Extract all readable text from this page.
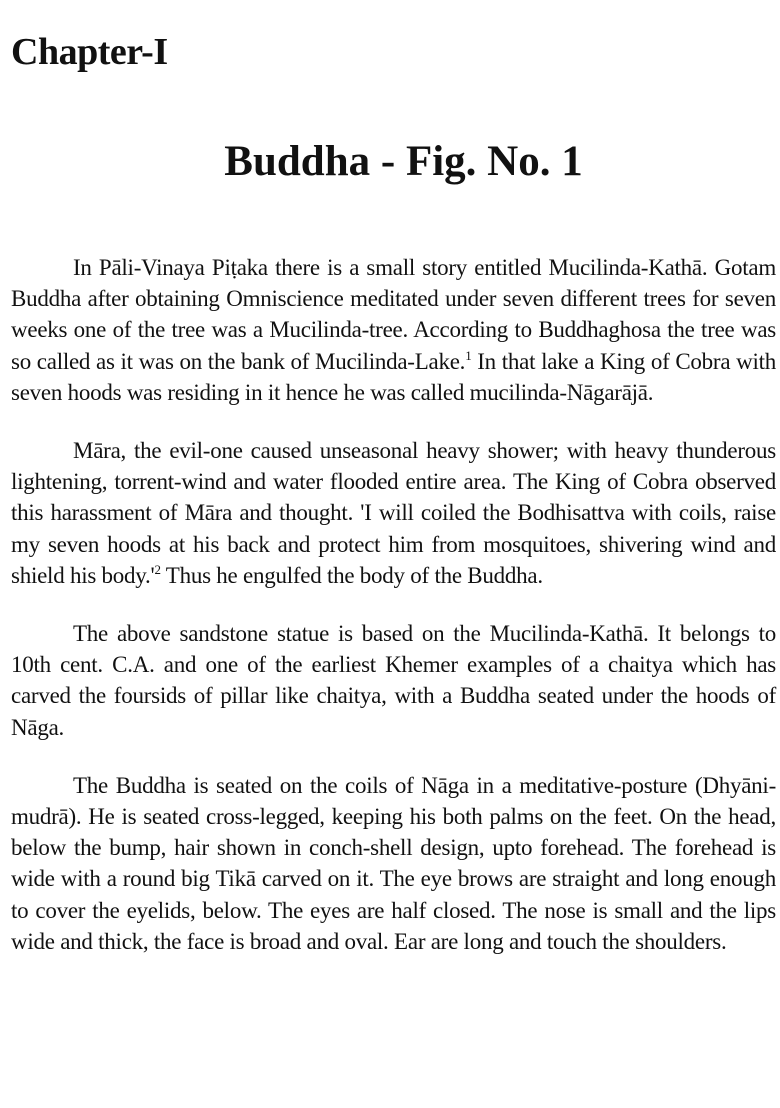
Chapter-I
Buddha - Fig. No. 1

In Pāli-Vinaya Piṭaka there is a small story entitled Mucilinda-Kathā. Gotam Buddha after obtaining Omniscience meditated under seven different trees for seven weeks one of the tree was a Mucilinda-tree. According to Buddhaghosa the tree was so called as it was on the bank of Mucilinda-Lake.$^1$ In that lake a King of Cobra with seven hoods was residing in it hence he was called mucilinda-Nāgarājā.

Māra, the evil-one caused unseasonal heavy shower; with heavy thunderous lightening, torrent-wind and water flooded entire area. The King of Cobra observed this harassment of Māra and thought. 'I will coiled the Bodhisattva with coils, raise my seven hoods at his back and protect him from mosquitoes, shivering wind and shield his $body.'^2$ Thus he engulfed the body of the Buddha.

The above sandstone statue is based on the Mucilinda-Kathā. It belongs to 10th cent. C.A. and one of the earliest Khemer examples of a chaitya which has carved the foursids of pillar like chaitya, with a Buddha seated under the hoods of Nāga.

The Buddha is seated on the coils of Nāga in a meditative-posture (Dhyāni-mudrā). He is seated cross-legged, keeping his both palms on the feet. On the head, below the bump, hair shown in conch-shell design, upto forehead. The forehead is wide with a round big Tikā carved on it. The eye brows are straight and long enough to cover the eyelids, below. The eyes are half closed. The nose is small and the lips wide and thick, the face is broad and oval. Ear are long and touch the shoulders.
